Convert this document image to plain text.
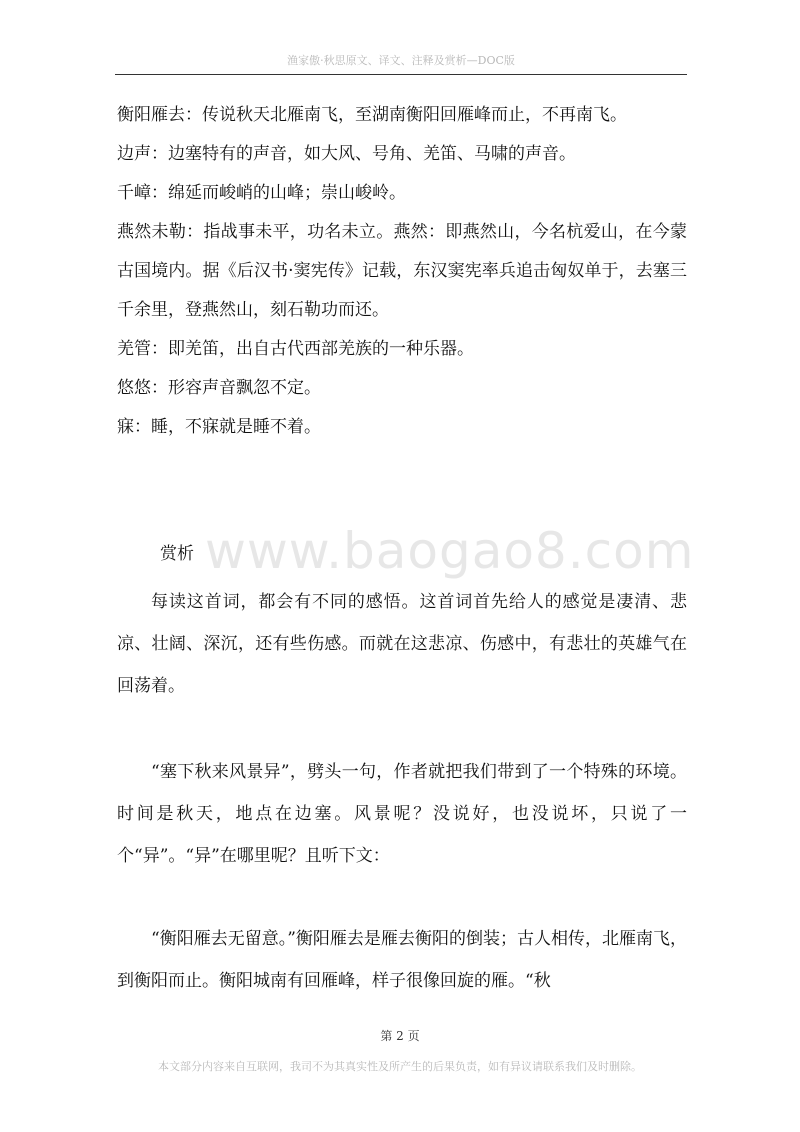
渔家傲·秋思原文、译文、注释及赏析—DOC版

衡阳雁去：传说秋天北雁南飞，至湖南衡阳回雁峰而止，不再南飞。

边声：边塞特有的声音，如大风、号角、羌笛、马啸的声音。

千嶂：绵延而峻峭的山峰；崇山峻岭。

燕然未勒：指战事未平，功名未立。燕然：即燕然山，今名杭爱山，在今蒙古国境内。据《后汉书·窦宪传》记载，东汉窦宪率兵追击匈奴单于，去塞三千余里，登燕然山，刻石勒功而还。

羌管：即羌笛，出自古代西部羌族的一种乐器。

悠悠：形容声音飘忽不定。

寐：睡，不寐就是睡不着。

www.baogao8.com

赏析

每读这首词，都会有不同的感悟。这首词首先给人的感觉是凄清、悲凉、壮阔、深沉，还有些伤感。而就在这悲凉、伤感中，有悲壮的英雄气在回荡着。

“塞下秋来风景异”，劈头一句，作者就把我们带到了一个特殊的环境。时间是秋天，地点在边塞。风景呢？没说好，也没说坏，只说了一个“异”。“异”在哪里呢？且听下文：

“衡阳雁去无留意。”衡阳雁去是雁去衡阳的倒装；古人相传，北雁南飞，到衡阳而止。衡阳城南有回雁峰，样子很像回旋的雁。“秋

第 2 页
本文部分内容来自互联网，我司不为其真实性及所产生的后果负责，如有异议请联系我们及时删除。
